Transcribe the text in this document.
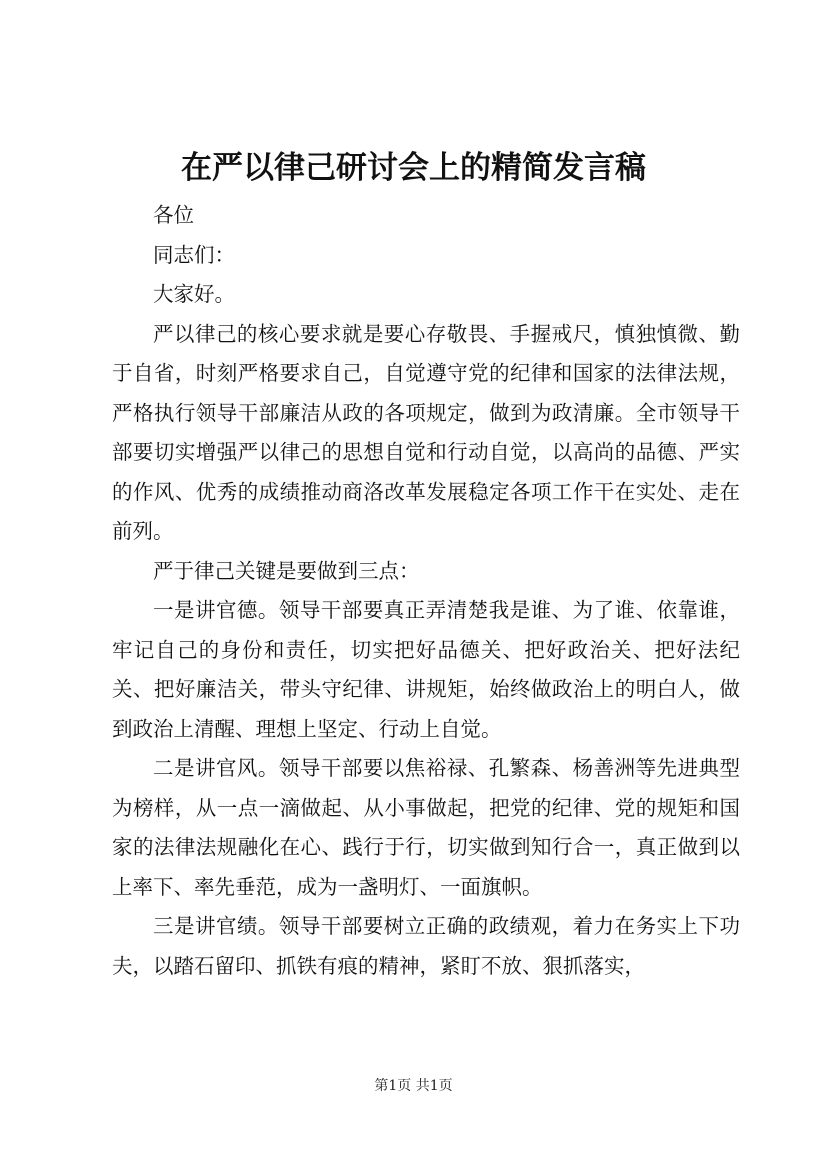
在严以律己研讨会上的精简发言稿

各位

同志们：

大家好。

严以律己的核心要求就是要心存敬畏、手握戒尺，慎独慎微、勤于自省，时刻严格要求自己，自觉遵守党的纪律和国家的法律法规，严格执行领导干部廉洁从政的各项规定，做到为政清廉。全市领导干部要切实增强严以律己的思想自觉和行动自觉，以高尚的品德、严实的作风、优秀的成绩推动商洛改革发展稳定各项工作干在实处、走在前列。

严于律己关键是要做到三点：

一是讲官德。领导干部要真正弄清楚我是谁、为了谁、依靠谁，牢记自己的身份和责任，切实把好品德关、把好政治关、把好法纪关、把好廉洁关，带头守纪律、讲规矩，始终做政治上的明白人，做到政治上清醒、理想上坚定、行动上自觉。

二是讲官风。领导干部要以焦裕禄、孔繁森、杨善洲等先进典型为榜样，从一点一滴做起、从小事做起，把党的纪律、党的规矩和国家的法律法规融化在心、践行于行，切实做到知行合一，真正做到以上率下、率先垂范，成为一盏明灯、一面旗帜。

三是讲官绩。领导干部要树立正确的政绩观，着力在务实上下功夫，以踏石留印、抓铁有痕的精神，紧盯不放、狠抓落实，

第1页 共1页
